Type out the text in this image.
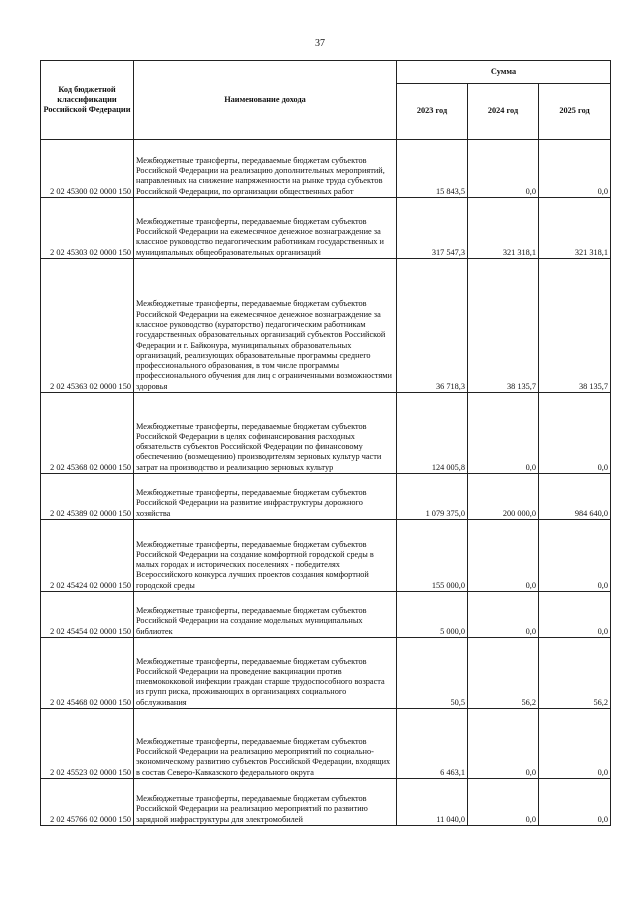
37
Код бюджетной классификации Российской Федерации	Наименование дохода	Сумма		
		2023 год	2024 год	2025 год
2 02 45300 02 0000 150	Межбюджетные трансферты, передаваемые бюджетам субъектов Российской Федерации на реализацию дополнительных мероприятий, направленных на снижение напряженности на рынке труда субъектов Российской Федерации, по организации общественных работ	15 843,5	0,0	0,0
2 02 45303 02 0000 150	Межбюджетные трансферты, передаваемые бюджетам субъектов Российской Федерации на ежемесячное денежное вознаграждение за классное руководство педагогическим работникам государственных и муниципальных общеобразовательных организаций	317 547,3	321 318,1	321 318,1
2 02 45363 02 0000 150	Межбюджетные трансферты, передаваемые бюджетам субъектов Российской Федерации на ежемесячное денежное вознаграждение за классное руководство (кураторство) педагогическим работникам государственных образовательных организаций субъектов Российской Федерации и г. Байконура, муниципальных образовательных организаций, реализующих образовательные программы среднего профессионального образования, в том числе программы профессионального обучения для лиц с ограниченными возможностями здоровья	36 718,3	38 135,7	38 135,7
2 02 45368 02 0000 150	Межбюджетные трансферты, передаваемые бюджетам субъектов Российской Федерации в целях софинансирования расходных обязательств субъектов Российской Федерации по финансовому обеспечению (возмещению) производителям зерновых культур части затрат на производство и реализацию зерновых культур	124 005,8	0,0	0,0
2 02 45389 02 0000 150	Межбюджетные трансферты, передаваемые бюджетам субъектов Российской Федерации на развитие инфраструктуры дорожного хозяйства	1 079 375,0	200 000,0	984 640,0
2 02 45424 02 0000 150	Межбюджетные трансферты, передаваемые бюджетам субъектов Российской Федерации на создание комфортной городской среды в малых городах и исторических поселениях - победителях Всероссийского конкурса лучших проектов создания комфортной городской среды	155 000,0	0,0	0,0
2 02 45454 02 0000 150	Межбюджетные трансферты, передаваемые бюджетам субъектов Российской Федерации на создание модельных муниципальных библиотек	5 000,0	0,0	0,0
2 02 45468 02 0000 150	Межбюджетные трансферты, передаваемые бюджетам субъектов Российской Федерации на проведение вакцинации против пневмококковой инфекции граждан старше трудоспособного возраста из групп риска, проживающих в организациях социального обслуживания	50,5	56,2	56,2
2 02 45523 02 0000 150	Межбюджетные трансферты, передаваемые бюджетам субъектов Российской Федерации на реализацию мероприятий по социально-экономическому развитию субъектов Российской Федерации, входящих в состав Северо-Кавказского федерального округа	6 463,1	0,0	0,0
2 02 45766 02 0000 150	Межбюджетные трансферты, передаваемые бюджетам субъектов Российской Федерации на реализацию мероприятий по развитию зарядной инфраструктуры для электромобилей	11 040,0	0,0	0,0
